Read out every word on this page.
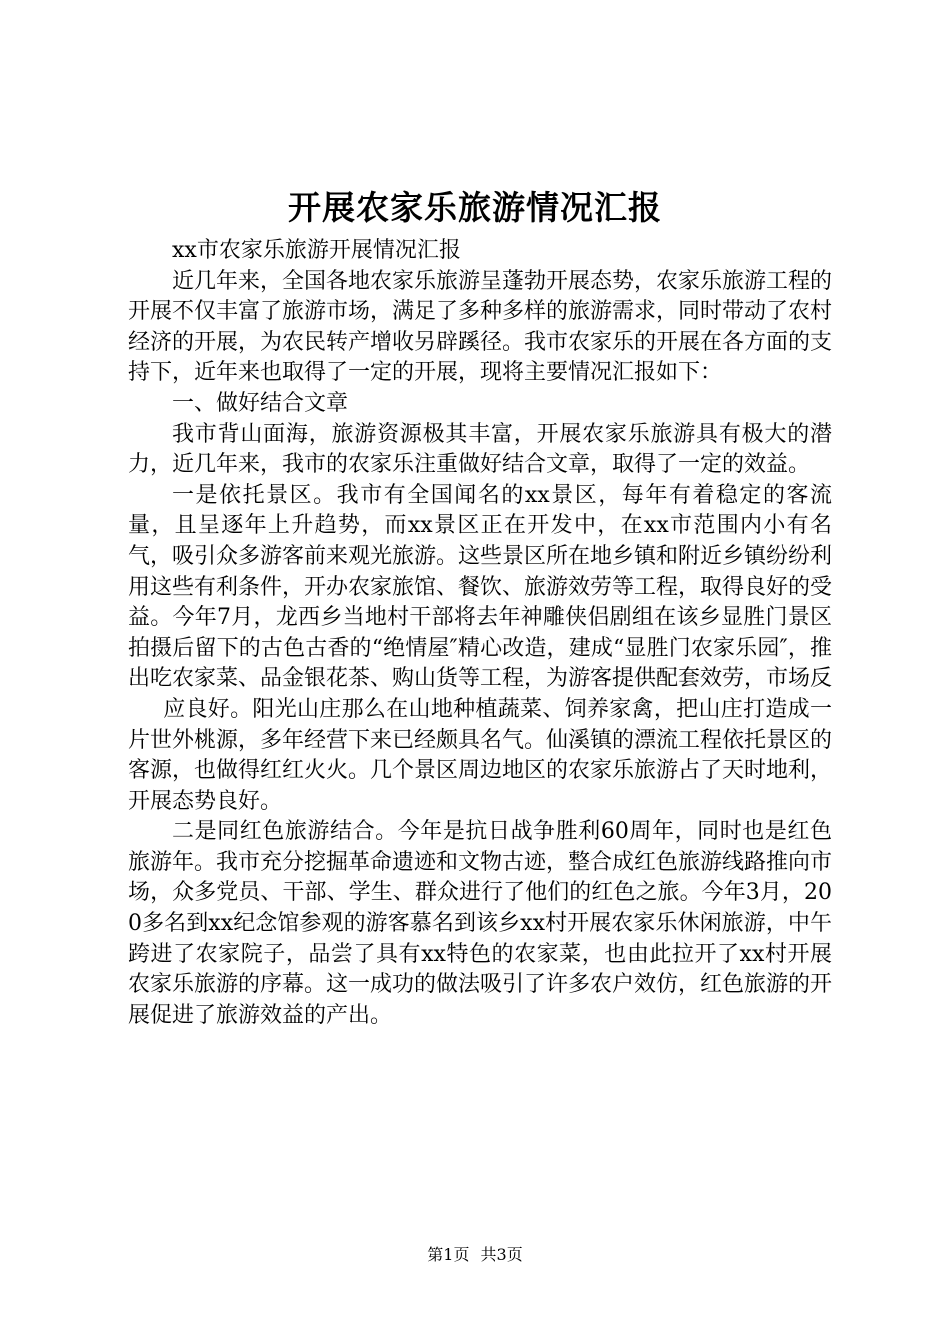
开展农家乐旅游情况汇报

xx市农家乐旅游开展情况汇报

近几年来，全国各地农家乐旅游呈蓬勃开展态势，农家乐旅游工程的开展不仅丰富了旅游市场，满足了多种多样的旅游需求，同时带动了农村经济的开展，为农民转产增收另辟蹊径。我市农家乐的开展在各方面的支持下，近年来也取得了一定的开展，现将主要情况汇报如下：

一、做好结合文章

我市背山面海，旅游资源极其丰富，开展农家乐旅游具有极大的潜力，近几年来，我市的农家乐注重做好结合文章，取得了一定的效益。

一是依托景区。我市有全国闻名的xx景区，每年有着稳定的客流量，且呈逐年上升趋势，而xx景区正在开发中，在xx市范围内小有名气，吸引众多游客前来观光旅游。这些景区所在地乡镇和附近乡镇纷纷利用这些有利条件，开办农家旅馆、餐饮、旅游效劳等工程，取得良好的受益。今年7月，龙西乡当地村干部将去年神雕侠侣剧组在该乡显胜门景区拍摄后留下的古色古香的“绝情屋″精心改造，建成“显胜门农家乐园″，推出吃农家菜、品金银花茶、购山货等工程，为游客提供配套效劳，市场反

应良好。阳光山庄那么在山地种植蔬菜、饲养家禽，把山庄打造成一片世外桃源，多年经营下来已经颇具名气。仙溪镇的漂流工程依托景区的客源，也做得红红火火。几个景区周边地区的农家乐旅游占了天时地利，开展态势良好。

二是同红色旅游结合。今年是抗日战争胜利60周年，同时也是红色旅游年。我市充分挖掘革命遗迹和文物古迹，整合成红色旅游线路推向市场，众多党员、干部、学生、群众进行了他们的红色之旅。今年3月，200多名到xx纪念馆参观的游客慕名到该乡xx村开展农家乐休闲旅游，中午跨进了农家院子，品尝了具有xx特色的农家菜，也由此拉开了xx村开展农家乐旅游的序幕。这一成功的做法吸引了许多农户效仿，红色旅游的开展促进了旅游效益的产出。

第1页 共3页
